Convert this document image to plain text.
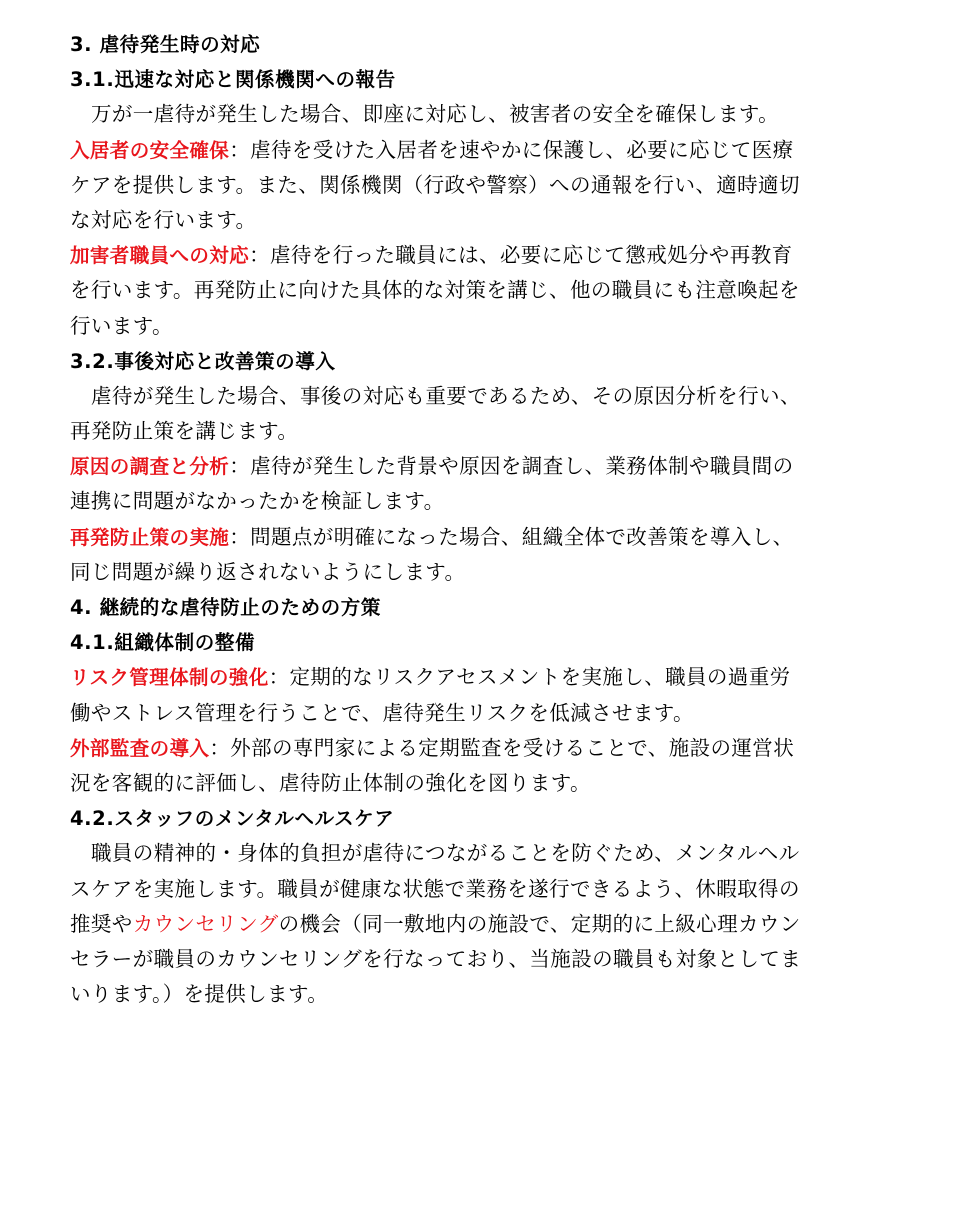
3. 虐待発生時の対応
3.1.迅速な対応と関係機関への報告
万が一虐待が発生した場合、即座に対応し、被害者の安全を確保します。
入居者の安全確保：虐待を受けた入居者を速やかに保護し、必要に応じて医療
ケアを提供します。また、関係機関（行政や警察）への通報を行い、適時適切
な対応を行います。
加害者職員への対応：虐待を行った職員には、必要に応じて懲戒処分や再教育
を行います。再発防止に向けた具体的な対策を講じ、他の職員にも注意喚起を
行います。
3.2.事後対応と改善策の導入
虐待が発生した場合、事後の対応も重要であるため、その原因分析を行い、
再発防止策を講じます。
原因の調査と分析：虐待が発生した背景や原因を調査し、業務体制や職員間の
連携に問題がなかったかを検証します。
再発防止策の実施：問題点が明確になった場合、組織全体で改善策を導入し、
同じ問題が繰り返されないようにします。
4. 継続的な虐待防止のための方策
4.1.組織体制の整備
リスク管理体制の強化：定期的なリスクアセスメントを実施し、職員の過重労
働やストレス管理を行うことで、虐待発生リスクを低減させます。
外部監査の導入：外部の専門家による定期監査を受けることで、施設の運営状
況を客観的に評価し、虐待防止体制の強化を図ります。
4.2.スタッフのメンタルヘルスケア
職員の精神的・身体的負担が虐待につながることを防ぐため、メンタルヘル
スケアを実施します。職員が健康な状態で業務を遂行できるよう、休暇取得の
推奨やカウンセリングの機会（同一敷地内の施設で、定期的に上級心理カウン
セラーが職員のカウンセリングを行なっており、当施設の職員も対象としてま
いります。）を提供します。
